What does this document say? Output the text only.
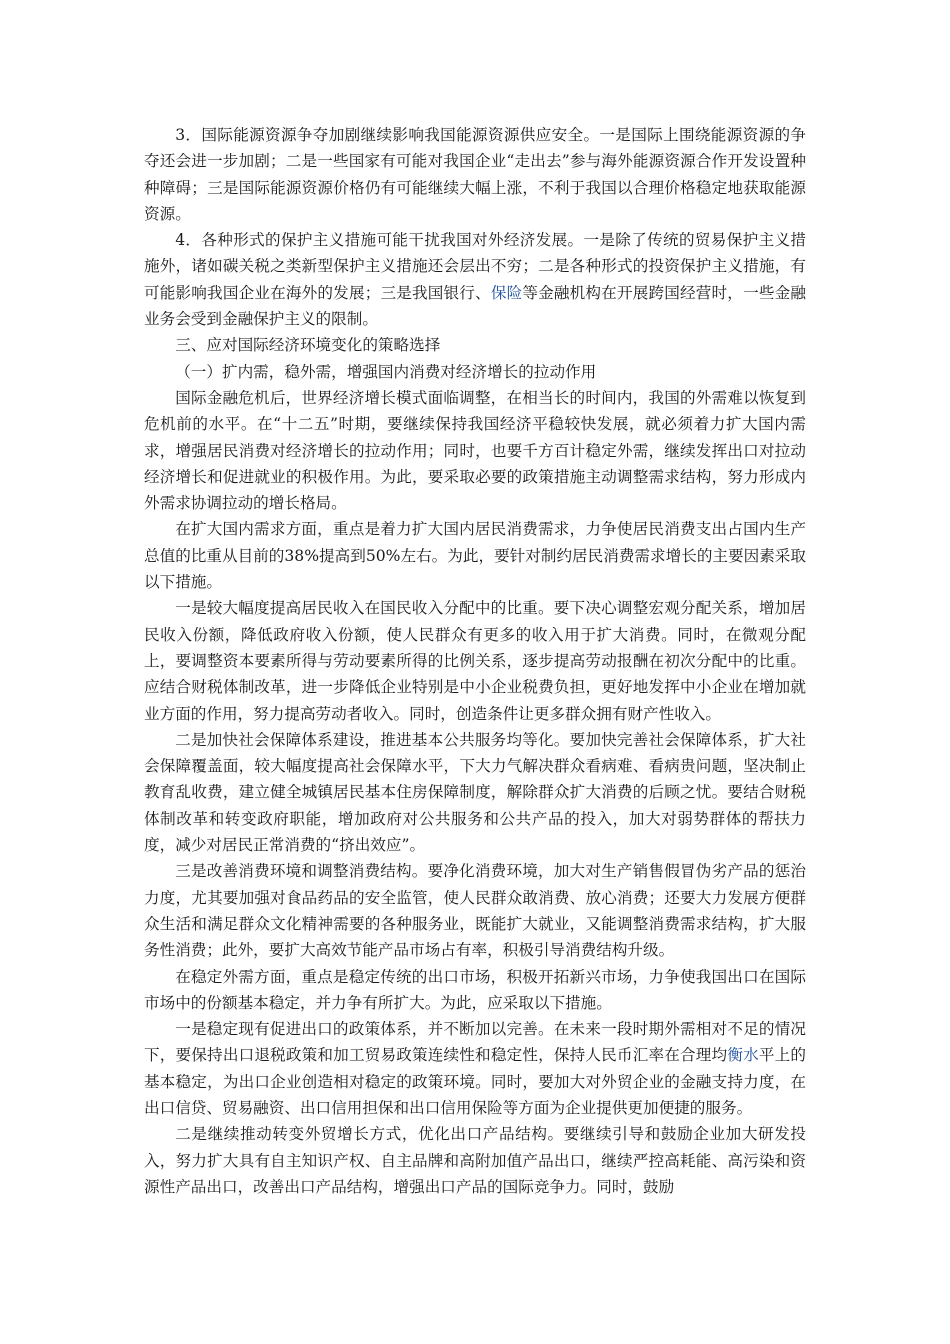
3．国际能源资源争夺加剧继续影响我国能源资源供应安全。一是国际上围绕能源资源的争夺还会进一步加剧；二是一些国家有可能对我国企业“走出去”参与海外能源资源合作开发设置种种障碍；三是国际能源资源价格仍有可能继续大幅上涨，不利于我国以合理价格稳定地获取能源资源。

4．各种形式的保护主义措施可能干扰我国对外经济发展。一是除了传统的贸易保护主义措施外，诸如碳关税之类新型保护主义措施还会层出不穷；二是各种形式的投资保护主义措施，有可能影响我国企业在海外的发展；三是我国银行、保险等金融机构在开展跨国经营时，一些金融业务会受到金融保护主义的限制。

三、应对国际经济环境变化的策略选择

（一）扩内需，稳外需，增强国内消费对经济增长的拉动作用

国际金融危机后，世界经济增长模式面临调整，在相当长的时间内，我国的外需难以恢复到危机前的水平。在“十二五”时期，要继续保持我国经济平稳较快发展，就必须着力扩大国内需求，增强居民消费对经济增长的拉动作用；同时，也要千方百计稳定外需，继续发挥出口对拉动经济增长和促进就业的积极作用。为此，要采取必要的政策措施主动调整需求结构，努力形成内外需求协调拉动的增长格局。

在扩大国内需求方面，重点是着力扩大国内居民消费需求，力争使居民消费支出占国内生产总值的比重从目前的38%提高到50%左右。为此，要针对制约居民消费需求增长的主要因素采取以下措施。

一是较大幅度提高居民收入在国民收入分配中的比重。要下决心调整宏观分配关系，增加居民收入份额，降低政府收入份额，使人民群众有更多的收入用于扩大消费。同时，在微观分配上，要调整资本要素所得与劳动要素所得的比例关系，逐步提高劳动报酬在初次分配中的比重。应结合财税体制改革，进一步降低企业特别是中小企业税费负担，更好地发挥中小企业在增加就业方面的作用，努力提高劳动者收入。同时，创造条件让更多群众拥有财产性收入。

二是加快社会保障体系建设，推进基本公共服务均等化。要加快完善社会保障体系，扩大社会保障覆盖面，较大幅度提高社会保障水平，下大力气解决群众看病难、看病贵问题，坚决制止教育乱收费，建立健全城镇居民基本住房保障制度，解除群众扩大消费的后顾之忧。要结合财税体制改革和转变政府职能，增加政府对公共服务和公共产品的投入，加大对弱势群体的帮扶力度，减少对居民正常消费的“挤出效应”。

三是改善消费环境和调整消费结构。要净化消费环境，加大对生产销售假冒伪劣产品的惩治力度，尤其要加强对食品药品的安全监管，使人民群众敢消费、放心消费；还要大力发展方便群众生活和满足群众文化精神需要的各种服务业，既能扩大就业，又能调整消费需求结构，扩大服务性消费；此外，要扩大高效节能产品市场占有率，积极引导消费结构升级。

在稳定外需方面，重点是稳定传统的出口市场，积极开拓新兴市场，力争使我国出口在国际市场中的份额基本稳定，并力争有所扩大。为此，应采取以下措施。

一是稳定现有促进出口的政策体系，并不断加以完善。在未来一段时期外需相对不足的情况下，要保持出口退税政策和加工贸易政策连续性和稳定性，保持人民币汇率在合理均衡水平上的基本稳定，为出口企业创造相对稳定的政策环境。同时，要加大对外贸企业的金融支持力度，在出口信贷、贸易融资、出口信用担保和出口信用保险等方面为企业提供更加便捷的服务。

二是继续推动转变外贸增长方式，优化出口产品结构。要继续引导和鼓励企业加大研发投入，努力扩大具有自主知识产权、自主品牌和高附加值产品出口，继续严控高耗能、高污染和资源性产品出口，改善出口产品结构，增强出口产品的国际竞争力。同时，鼓励
